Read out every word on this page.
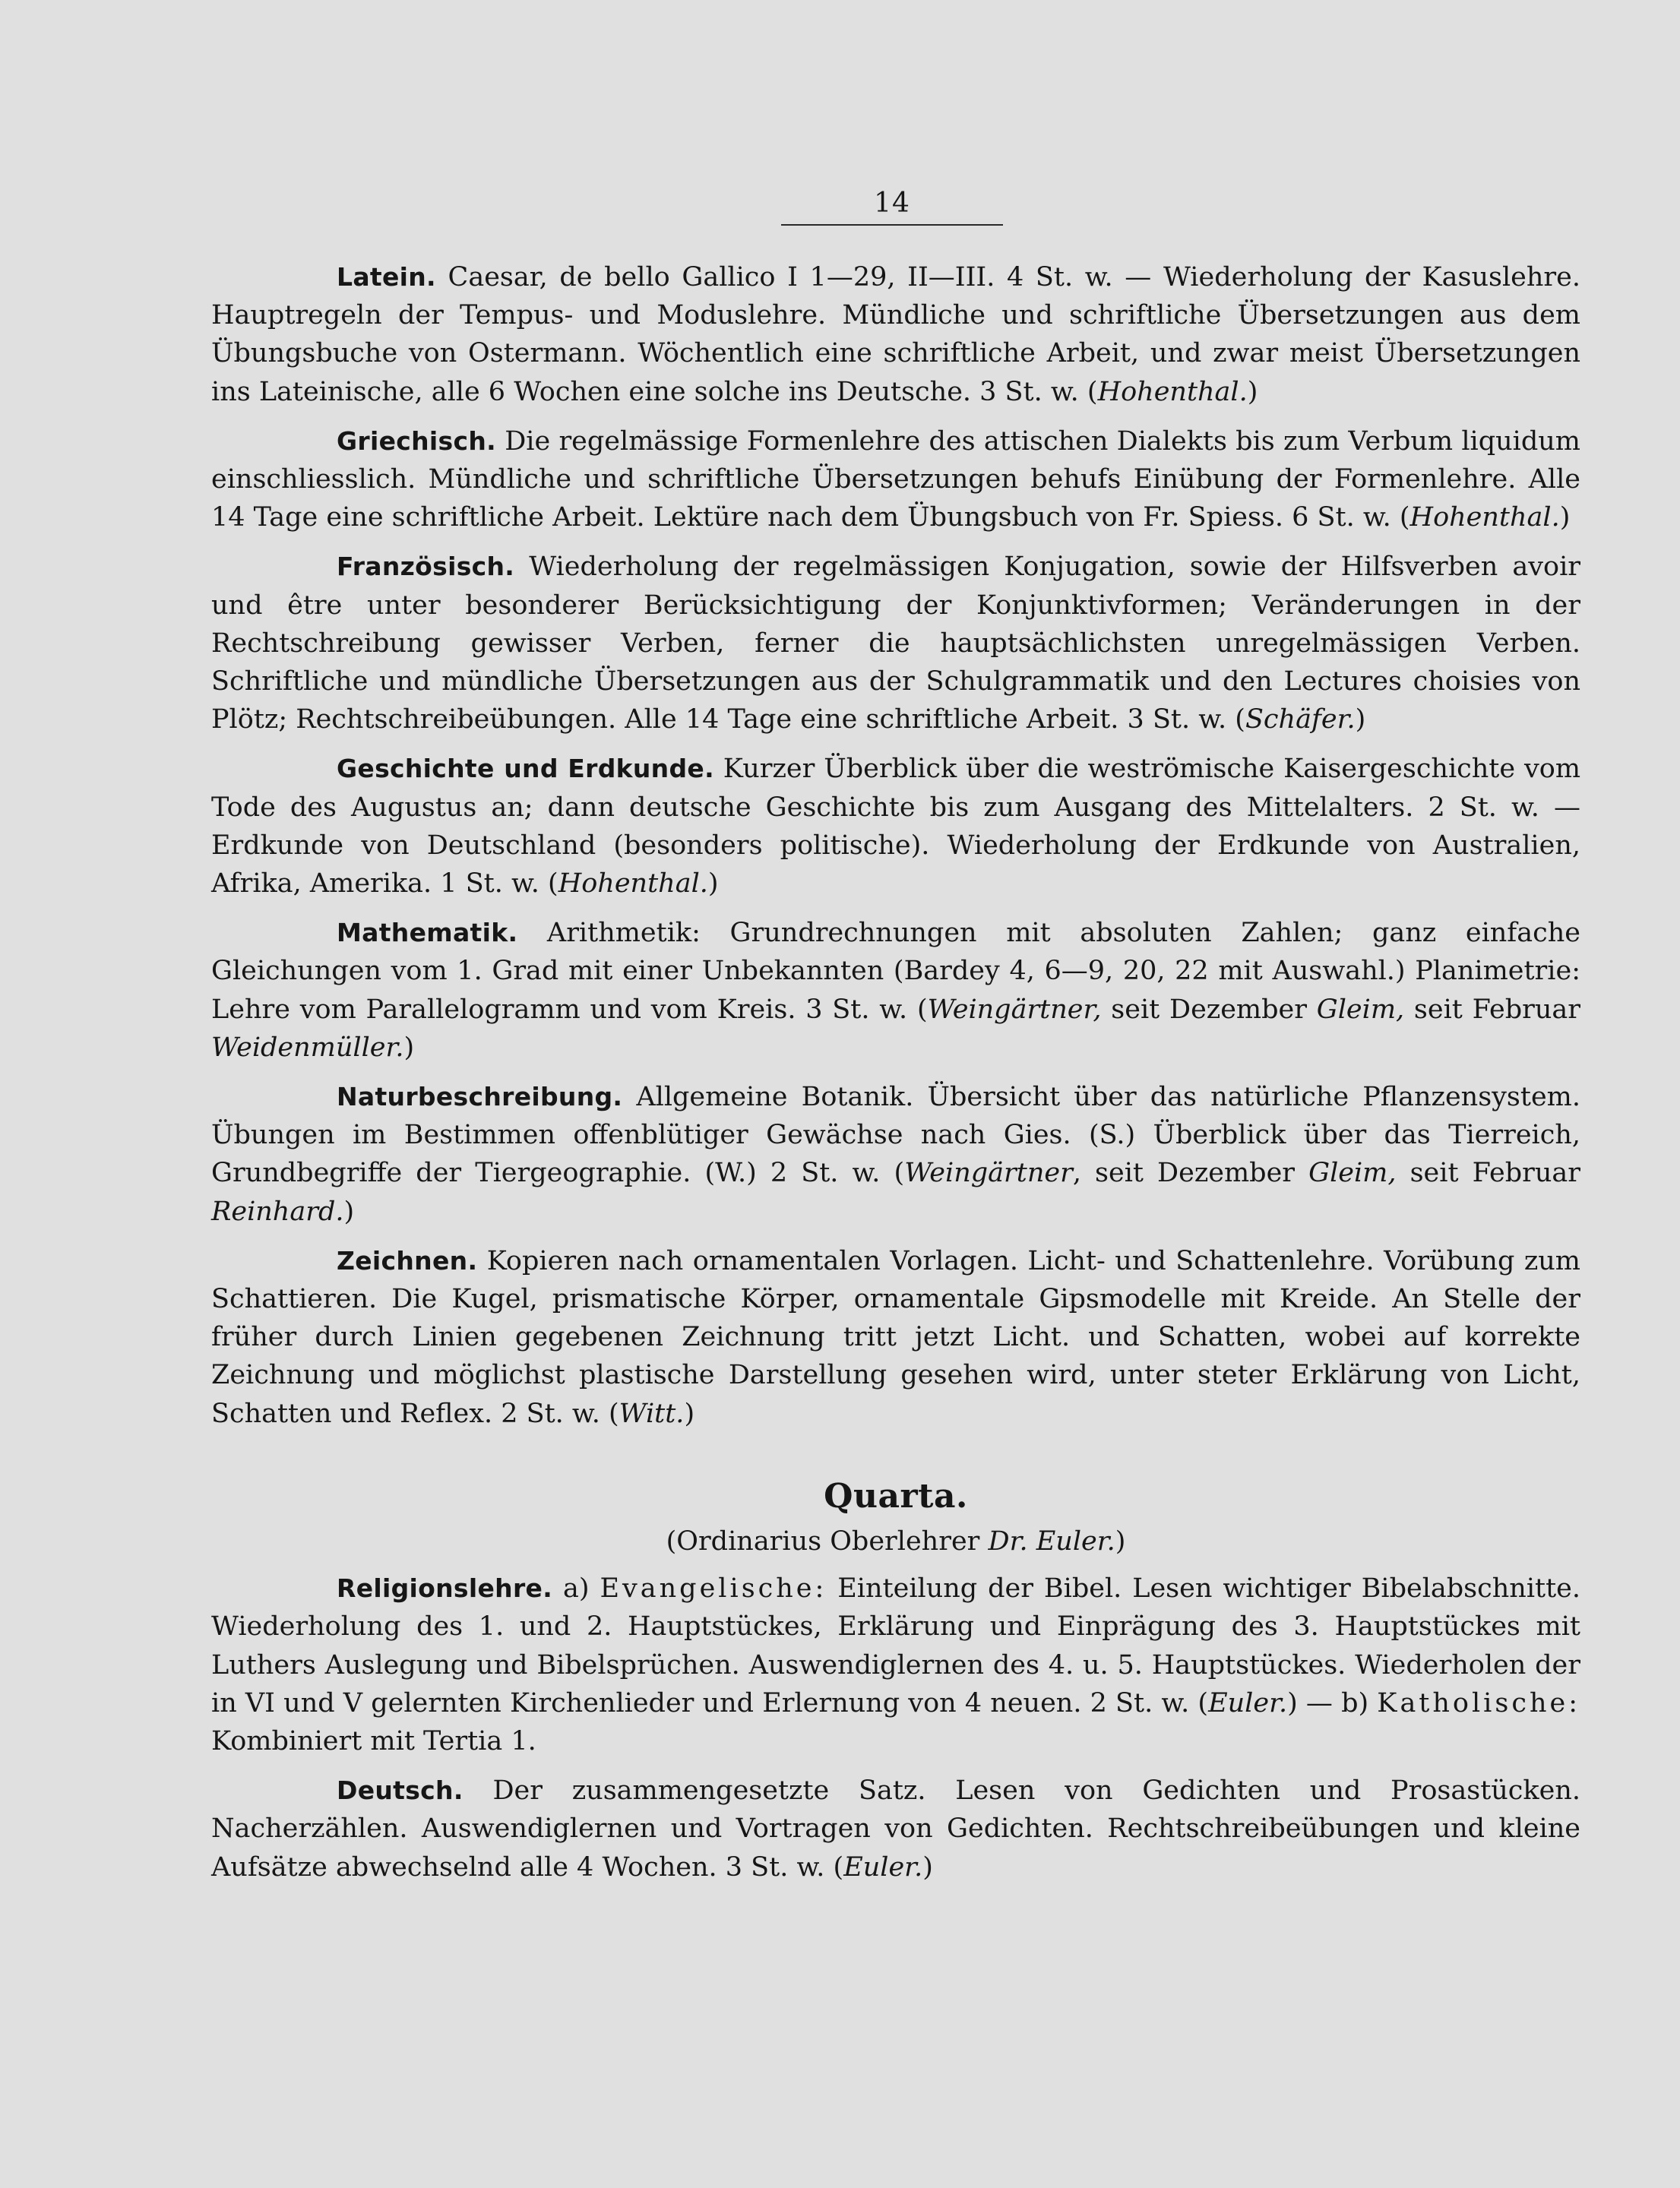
14

Latein. Caesar, de bello Gallico I 1—29, II—III. 4 St. w. — Wiederholung der Kasuslehre. Hauptregeln der Tempus- und Moduslehre. Mündliche und schriftliche Übersetzungen aus dem Übungsbuche von Ostermann. Wöchentlich eine schriftliche Arbeit, und zwar meist Übersetzungen ins Lateinische, alle 6 Wochen eine solche ins Deutsche. 3 St. w. (Hohenthal.)

Griechisch. Die regelmässige Formenlehre des attischen Dialekts bis zum Verbum liquidum einschliesslich. Mündliche und schriftliche Übersetzungen behufs Einübung der Formenlehre. Alle 14 Tage eine schriftliche Arbeit. Lektüre nach dem Übungsbuch von Fr. Spiess. 6 St. w. (Hohenthal.)

Französisch. Wiederholung der regelmässigen Konjugation, sowie der Hilfsverben avoir und être unter besonderer Berücksichtigung der Konjunktivformen; Veränderungen in der Rechtschreibung gewisser Verben, ferner die hauptsächlichsten unregelmässigen Verben. Schriftliche und mündliche Übersetzungen aus der Schulgrammatik und den Lectures choisies von Plötz; Rechtschreibeübungen. Alle 14 Tage eine schriftliche Arbeit. 3 St. w. (Schäfer.)

Geschichte und Erdkunde. Kurzer Überblick über die weströmische Kaisergeschichte vom Tode des Augustus an; dann deutsche Geschichte bis zum Ausgang des Mittelalters. 2 St. w. — Erdkunde von Deutschland (besonders politische). Wiederholung der Erdkunde von Australien, Afrika, Amerika. 1 St. w. (Hohenthal.)

Mathematik. Arithmetik: Grundrechnungen mit absoluten Zahlen; ganz einfache Gleichungen vom 1. Grad mit einer Unbekannten (Bardey 4, 6—9, 20, 22 mit Auswahl.) Planimetrie: Lehre vom Parallelogramm und vom Kreis. 3 St. w. (Weingärtner, seit Dezember Gleim, seit Februar Weidenmüller.)

Naturbeschreibung. Allgemeine Botanik. Übersicht über das natürliche Pflanzensystem. Übungen im Bestimmen offenblütiger Gewächse nach Gies. (S.) Überblick über das Tierreich, Grundbegriffe der Tiergeographie. (W.) 2 St. w. (Weingärtner, seit Dezember Gleim, seit Februar Reinhard.)

Zeichnen. Kopieren nach ornamentalen Vorlagen. Licht- und Schattenlehre. Vorübung zum Schattieren. Die Kugel, prismatische Körper, ornamentale Gipsmodelle mit Kreide. An Stelle der früher durch Linien gegebenen Zeichnung tritt jetzt Licht. und Schatten, wobei auf korrekte Zeichnung und möglichst plastische Darstellung gesehen wird, unter steter Erklärung von Licht, Schatten und Reflex. 2 St. w. (Witt.)

Quarta.
(Ordinarius Oberlehrer Dr. Euler.)

Religionslehre. a) Evangelische: Einteilung der Bibel. Lesen wichtiger Bibelabschnitte. Wiederholung des 1. und 2. Hauptstückes, Erklärung und Einprägung des 3. Hauptstückes mit Luthers Auslegung und Bibelsprüchen. Auswendiglernen des 4. u. 5. Hauptstückes. Wiederholen der in VI und V gelernten Kirchenlieder und Erlernung von 4 neuen. 2 St. w. (Euler.) — b) Katholische: Kombiniert mit Tertia 1.

Deutsch. Der zusammengesetzte Satz. Lesen von Gedichten und Prosastücken. Nacherzählen. Auswendiglernen und Vortragen von Gedichten. Rechtschreibeübungen und kleine Aufsätze abwechselnd alle 4 Wochen. 3 St. w. (Euler.)
